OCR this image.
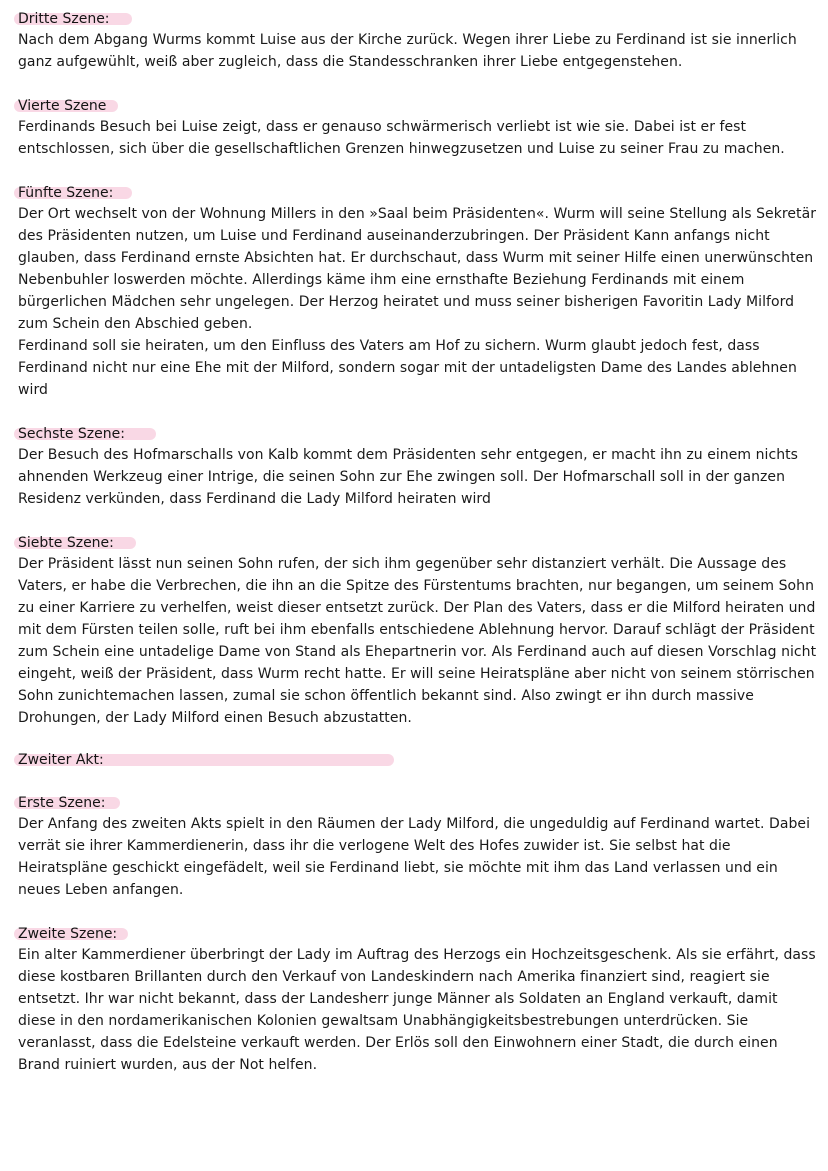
Dritte Szene:

Nach dem Abgang Wurms kommt Luise aus der Kirche zurück. Wegen ihrer Liebe zu Ferdinand ist sie innerlich ganz aufgewühlt, weiß aber zugleich, dass die Standesschranken ihrer Liebe entgegenstehen.

Vierte Szene

Ferdinands Besuch bei Luise zeigt, dass er genauso schwärmerisch verliebt ist wie sie. Dabei ist er fest entschlossen, sich über die gesellschaftlichen Grenzen hinwegzusetzen und Luise zu seiner Frau zu machen.

Fünfte Szene:

Der Ort wechselt von der Wohnung Millers in den »Saal beim Präsidenten«. Wurm will seine Stellung als Sekretär des Präsidenten nutzen, um Luise und Ferdinand auseinanderzubringen. Der Präsident Kann anfangs nicht glauben, dass Ferdinand ernste Absichten hat. Er durchschaut, dass Wurm mit seiner Hilfe einen unerwünschten Nebenbuhler loswerden möchte. Allerdings käme ihm eine ernsthafte Beziehung Ferdinands mit einem bürgerlichen Mädchen sehr ungelegen. Der Herzog heiratet und muss seiner bisherigen Favoritin Lady Milford zum Schein den Abschied geben.

Ferdinand soll sie heiraten, um den Einfluss des Vaters am Hof zu sichern. Wurm glaubt jedoch fest, dass Ferdinand nicht nur eine Ehe mit der Milford, sondern sogar mit der untadeligsten Dame des Landes ablehnen wird

Sechste Szene:

Der Besuch des Hofmarschalls von Kalb kommt dem Präsidenten sehr entgegen, er macht ihn zu einem nichts ahnenden Werkzeug einer Intrige, die seinen Sohn zur Ehe zwingen soll. Der Hofmarschall soll in der ganzen Residenz verkünden, dass Ferdinand die Lady Milford heiraten wird

Siebte Szene:

Der Präsident lässt nun seinen Sohn rufen, der sich ihm gegenüber sehr distanziert verhält. Die Aussage des Vaters, er habe die Verbrechen, die ihn an die Spitze des Fürstentums brachten, nur begangen, um seinem Sohn zu einer Karriere zu verhelfen, weist dieser entsetzt zurück. Der Plan des Vaters, dass er die Milford heiraten und mit dem Fürsten teilen solle, ruft bei ihm ebenfalls entschiedene Ablehnung hervor. Darauf schlägt der Präsident zum Schein eine untadelige Dame von Stand als Ehepartnerin vor. Als Ferdinand auch auf diesen Vorschlag nicht eingeht, weiß der Präsident, dass Wurm recht hatte. Er will seine Heiratspläne aber nicht von seinem störrischen Sohn zunichtemachen lassen, zumal sie schon öffentlich bekannt sind. Also zwingt er ihn durch massive Drohungen, der Lady Milford einen Besuch abzustatten.

Zweiter Akt:
Erste Szene:

Der Anfang des zweiten Akts spielt in den Räumen der Lady Milford, die ungeduldig auf Ferdinand wartet. Dabei verrät sie ihrer Kammerdienerin, dass ihr die verlogene Welt des Hofes zuwider ist. Sie selbst hat die Heiratspläne geschickt eingefädelt, weil sie Ferdinand liebt, sie möchte mit ihm das Land verlassen und ein neues Leben anfangen.

Zweite Szene:

Ein alter Kammerdiener überbringt der Lady im Auftrag des Herzogs ein Hochzeitsgeschenk. Als sie erfährt, dass diese kostbaren Brillanten durch den Verkauf von Landeskindern nach Amerika finanziert sind, reagiert sie entsetzt. Ihr war nicht bekannt, dass der Landesherr junge Männer als Soldaten an England verkauft, damit diese in den nordamerikanischen Kolonien gewaltsam Unabhängigkeitsbestrebungen unterdrücken. Sie veranlasst, dass die Edelsteine verkauft werden. Der Erlös soll den Einwohnern einer Stadt, die durch einen Brand ruiniert wurden, aus der Not helfen.
